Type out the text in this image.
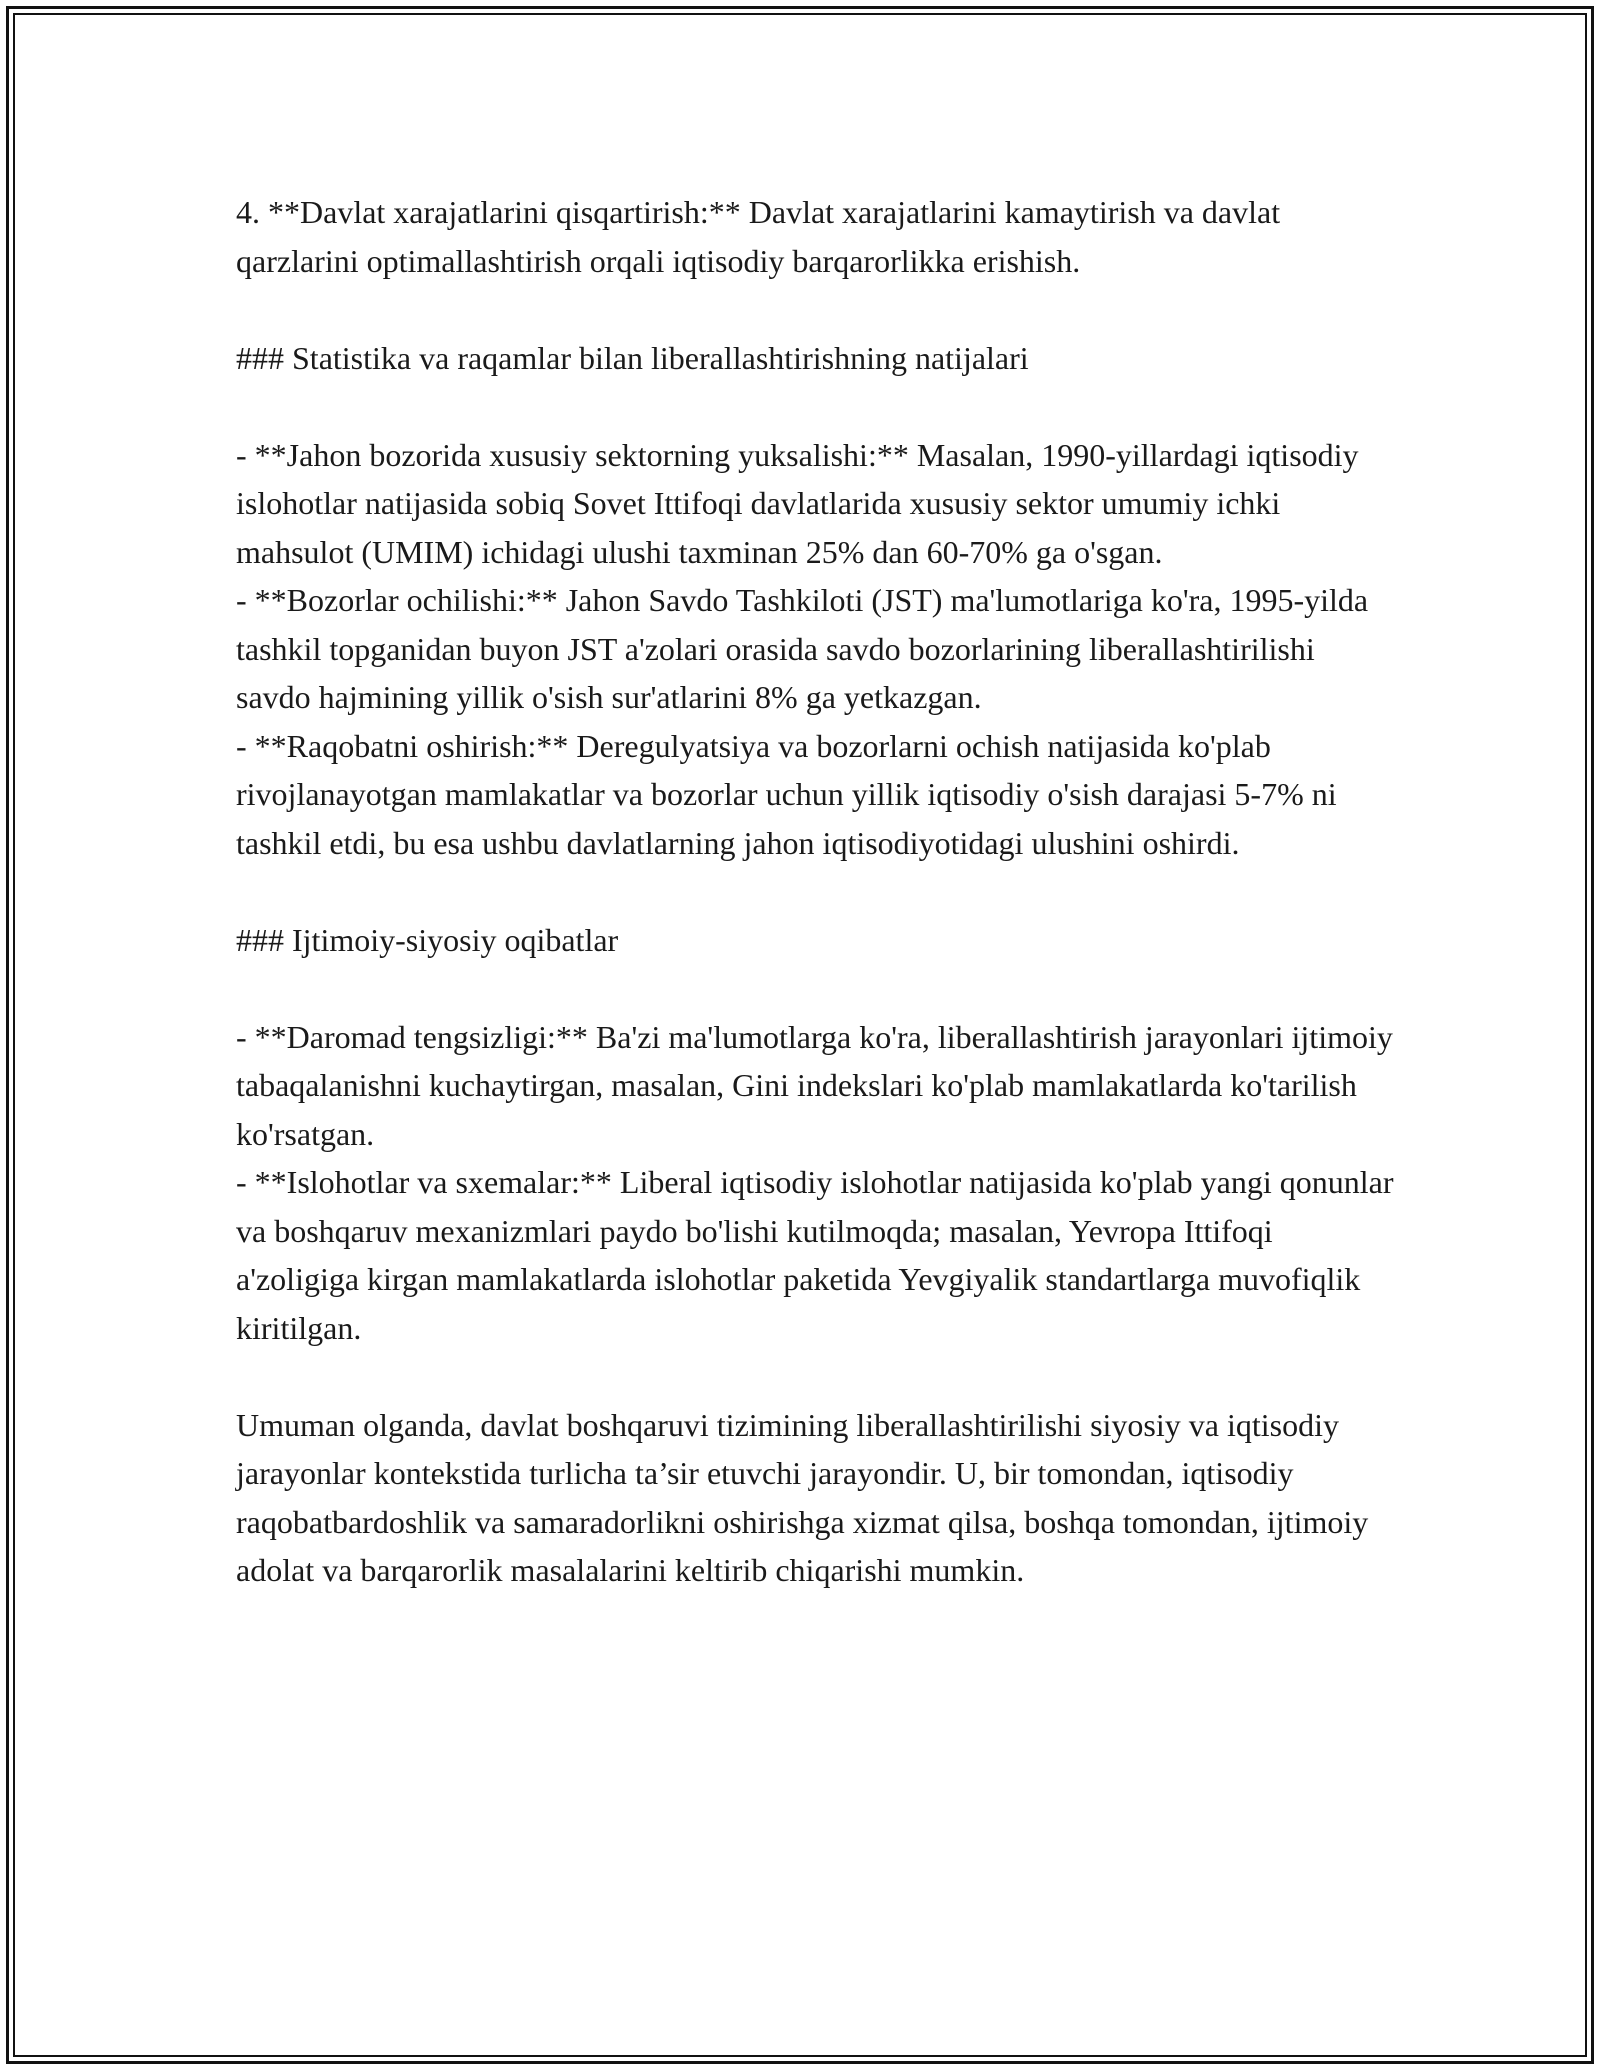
4. **Davlat xarajatlarini qisqartirish:** Davlat xarajatlarini kamaytirish va davlat qarzlarini optimallashtirish orqali iqtisodiy barqarorlikka erishish.

### Statistika va raqamlar bilan liberallashtirishning natijalari

- **Jahon bozorida xususiy sektorning yuksalishi:** Masalan, 1990-yillardagi iqtisodiy islohotlar natijasida sobiq Sovet Ittifoqi davlatlarida xususiy sektor umumiy ichki mahsulot (UMIM) ichidagi ulushi taxminan 25% dan 60-70% ga o'sgan.

- **Bozorlar ochilishi:** Jahon Savdo Tashkiloti (JST) ma'lumotlariga ko'ra, 1995-yilda tashkil topganidan buyon JST a'zolari orasida savdo bozorlarining liberallashtirilishi savdo hajmining yillik o'sish sur'atlarini 8% ga yetkazgan.

- **Raqobatni oshirish:** Deregulyatsiya va bozorlarni ochish natijasida ko'plab rivojlanayotgan mamlakatlar va bozorlar uchun yillik iqtisodiy o'sish darajasi 5-7% ni tashkil etdi, bu esa ushbu davlatlarning jahon iqtisodiyotidagi ulushini oshirdi.

### Ijtimoiy-siyosiy oqibatlar

- **Daromad tengsizligi:** Ba'zi ma'lumotlarga ko'ra, liberallashtirish jarayonlari ijtimoiy tabaqalanishni kuchaytirgan, masalan, Gini indekslari ko'plab mamlakatlarda ko'tarilish ko'rsatgan.

- **Islohotlar va sxemalar:** Liberal iqtisodiy islohotlar natijasida ko'plab yangi qonunlar va boshqaruv mexanizmlari paydo bo'lishi kutilmoqda; masalan, Yevropa Ittifoqi a'zoligiga kirgan mamlakatlarda islohotlar paketida Yevgiyalik standartlarga muvofiqlik kiritilgan.

Umuman olganda, davlat boshqaruvi tizimining liberallashtirilishi siyosiy va iqtisodiy jarayonlar kontekstida turlicha ta’sir etuvchi jarayondir. U, bir tomondan, iqtisodiy raqobatbardoshlik va samaradorlikni oshirishga xizmat qilsa, boshqa tomondan, ijtimoiy adolat va barqarorlik masalalarini keltirib chiqarishi mumkin.
